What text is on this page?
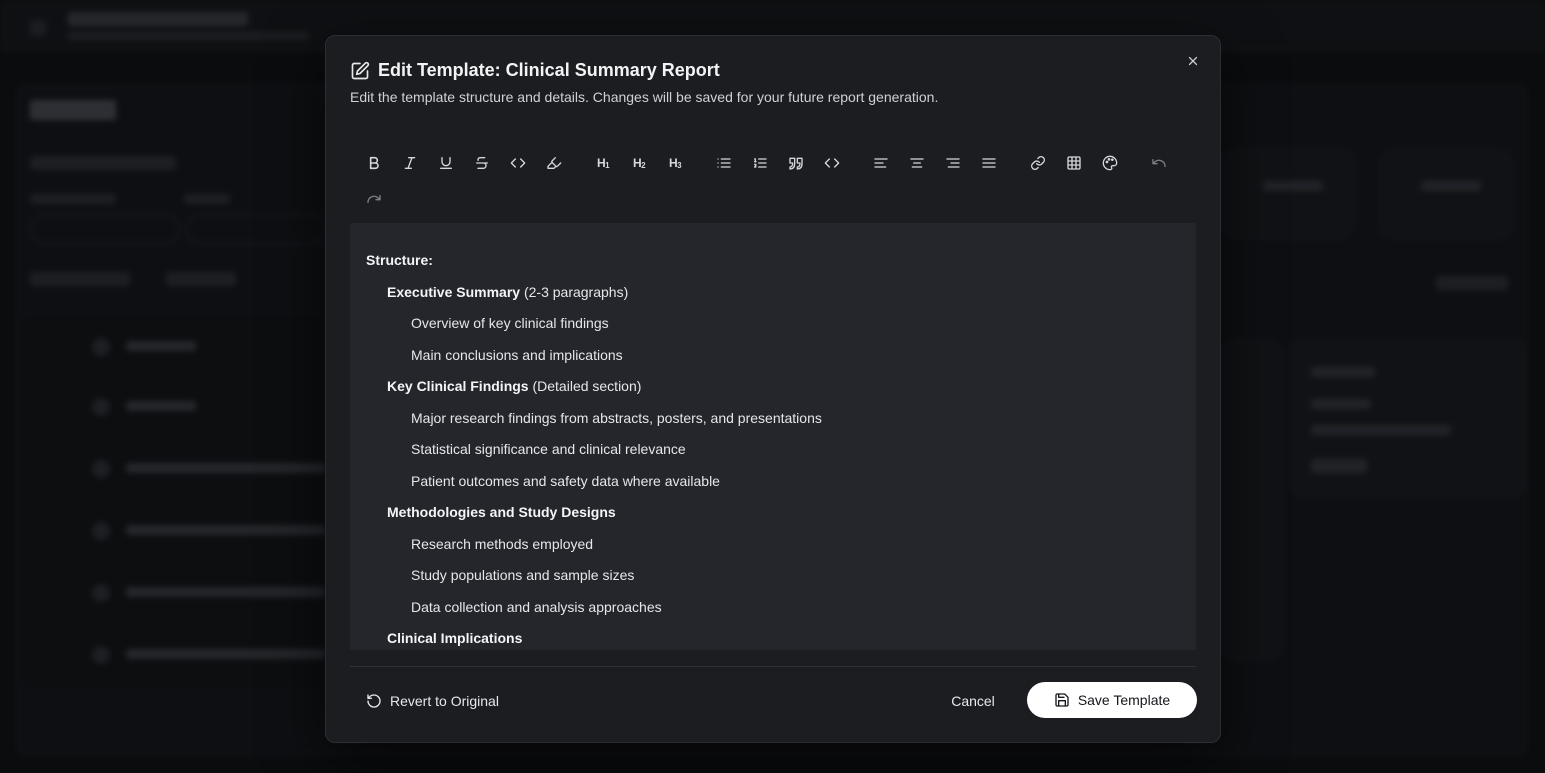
Edit Template: Clinical Summary Report
Edit the template structure and details. Changes will be saved for your future report generation.
$H_1$ $H_2$ $H_3$
Structure:
Executive Summary (2-3 paragraphs)
Overview of key clinical findings
Main conclusions and implications
Key Clinical Findings (Detailed section)
Major research findings from abstracts, posters, and presentations
Statistical significance and clinical relevance
Patient outcomes and safety data where available
Methodologies and Study Designs
Research methods employed
Study populations and sample sizes
Data collection and analysis approaches
Clinical Implications
Revert to Original	Cancel	Save Template
